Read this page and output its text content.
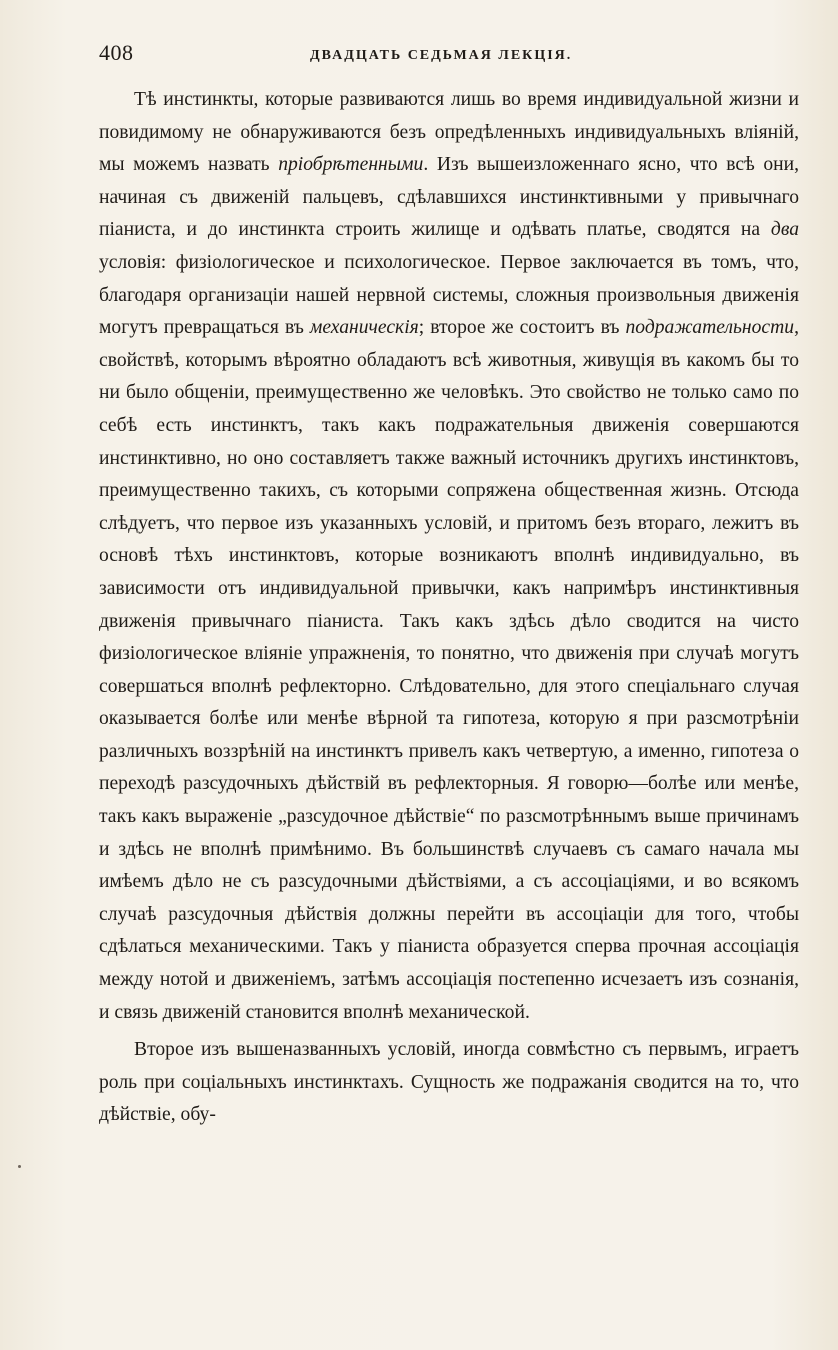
408	ДВАДЦАТЬ СЕДЬМАЯ ЛЕКЦІЯ.

Тѣ инстинкты, которые развиваются лишь во время индивидуальной жизни и повидимому не обнаруживаются безъ опредѣленныхъ индивидуальныхъ вліяній, мы можемъ назвать пріобрѣтенными. Изъ вышеизложеннаго ясно, что всѣ они, начиная съ движеній пальцевъ, сдѣлавшихся инстинктивными у привычнаго піаниста, и до инстинкта строить жилище и одѣвать платье, сводятся на два условія: физіологическое и психологическое. Первое заключается въ томъ, что, благодаря организаціи нашей нервной системы, сложныя произвольныя движенія могутъ превращаться въ механическія; второе же состоитъ въ подражательности, свойствѣ, которымъ вѣроятно обладаютъ всѣ животныя, живущія въ какомъ бы то ни было общеніи, преимущественно же человѣкъ. Это свойство не только само по себѣ есть инстинктъ, такъ какъ подражательныя движенія совершаются инстинктивно, но оно составляетъ также важный источникъ другихъ инстинктовъ, преимущественно такихъ, съ которыми сопряжена общественная жизнь. Отсюда слѣдуетъ, что первое изъ указанныхъ условій, и притомъ безъ втораго, лежитъ въ основѣ тѣхъ инстинктовъ, которые возникаютъ вполнѣ индивидуально, въ зависимости отъ индивидуальной привычки, какъ напримѣръ инстинктивныя движенія привычнаго піаниста. Такъ какъ здѣсь дѣло сводится на чисто физіологическое вліяніе упражненія, то понятно, что движенія при случаѣ могутъ совершаться вполнѣ рефлекторно. Слѣдовательно, для этого спеціальнаго случая оказывается болѣе или менѣе вѣрной та гипотеза, которую я при разсмотрѣніи различныхъ воззрѣній на инстинктъ привелъ какъ четвертую, а именно, гипотеза о переходѣ разсудочныхъ дѣйствій въ рефлекторныя. Я говорю—болѣе или менѣе, такъ какъ выраженіе „разсудочное дѣйствіе“ по разсмотрѣннымъ выше причинамъ и здѣсь не вполнѣ примѣнимо. Въ большинствѣ случаевъ съ самаго начала мы имѣемъ дѣло не съ разсудочными дѣйствіями, а съ ассоціаціями, и во всякомъ случаѣ разсудочныя дѣйствія должны перейти въ ассоціаціи для того, чтобы сдѣлаться механическими. Такъ у піаниста образуется сперва прочная ассоціація между нотой и движеніемъ, затѣмъ ассоціація постепенно исчезаетъ изъ сознанія, и связь движеній становится вполнѣ механической.

Второе изъ вышеназванныхъ условій, иногда совмѣстно съ первымъ, играетъ роль при соціальныхъ инстинктахъ. Сущность же подражанія сводится на то, что дѣйствіе, обу-
